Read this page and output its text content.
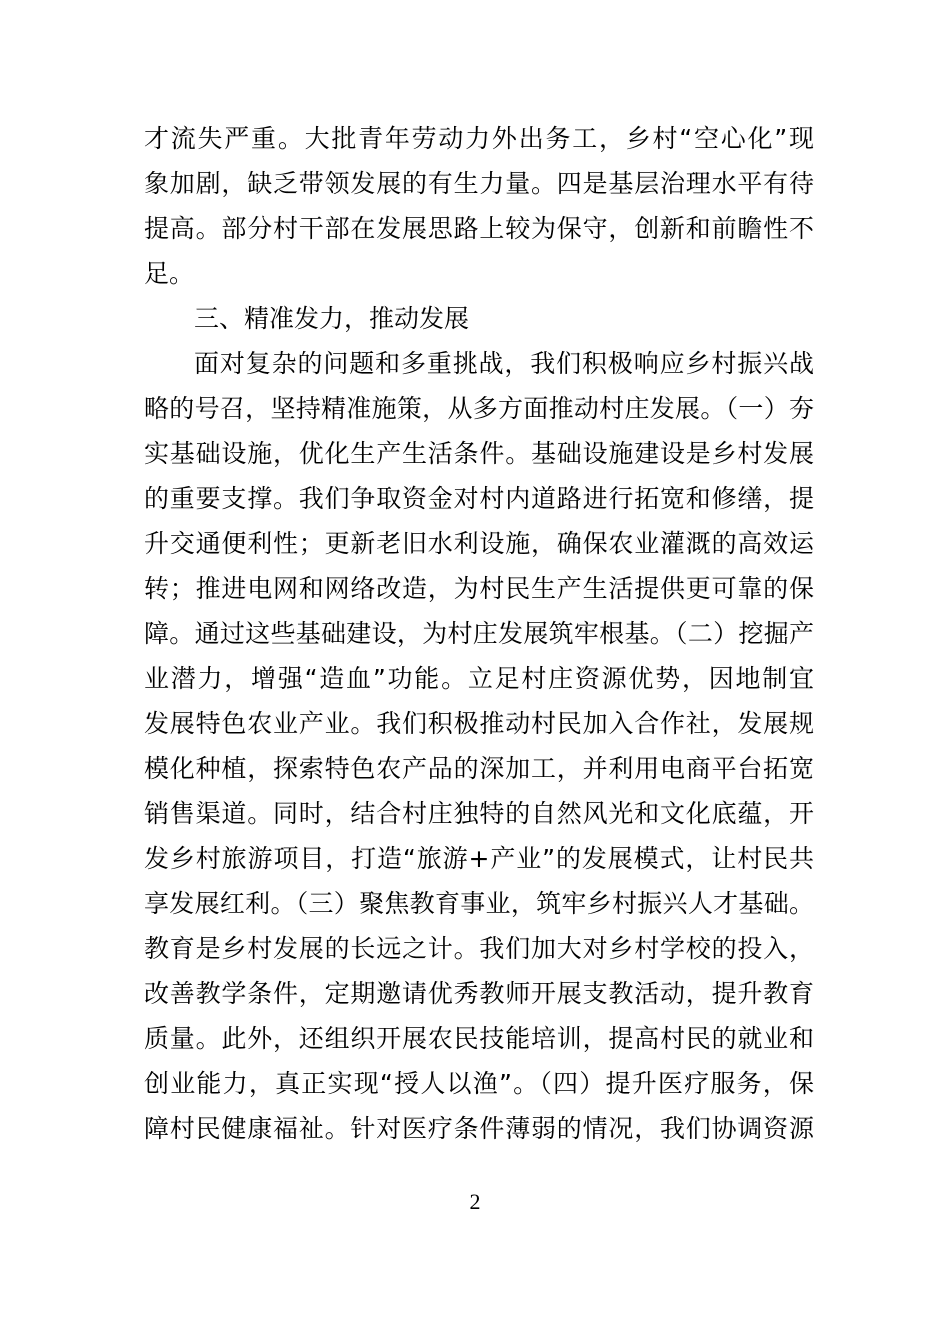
才流失严重。大批青年劳动力外出务工，乡村“空心化”现
象加剧，缺乏带领发展的有生力量。四是基层治理水平有待
提高。部分村干部在发展思路上较为保守，创新和前瞻性不
足。
三、精准发力，推动发展
面对复杂的问题和多重挑战，我们积极响应乡村振兴战
略的号召，坚持精准施策，从多方面推动村庄发展。（一）夯
实基础设施，优化生产生活条件。基础设施建设是乡村发展
的重要支撑。我们争取资金对村内道路进行拓宽和修缮，提
升交通便利性；更新老旧水利设施，确保农业灌溉的高效运
转；推进电网和网络改造，为村民生产生活提供更可靠的保
障。通过这些基础建设，为村庄发展筑牢根基。（二）挖掘产
业潜力，增强“造血”功能。立足村庄资源优势，因地制宜
发展特色农业产业。我们积极推动村民加入合作社，发展规
模化种植，探索特色农产品的深加工，并利用电商平台拓宽
销售渠道。同时，结合村庄独特的自然风光和文化底蕴，开
发乡村旅游项目，打造“旅游+产业”的发展模式，让村民共
享发展红利。（三）聚焦教育事业，筑牢乡村振兴人才基础。
教育是乡村发展的长远之计。我们加大对乡村学校的投入，
改善教学条件，定期邀请优秀教师开展支教活动，提升教育
质量。此外，还组织开展农民技能培训，提高村民的就业和
创业能力，真正实现“授人以渔”。（四）提升医疗服务，保
障村民健康福祉。针对医疗条件薄弱的情况，我们协调资源
2
